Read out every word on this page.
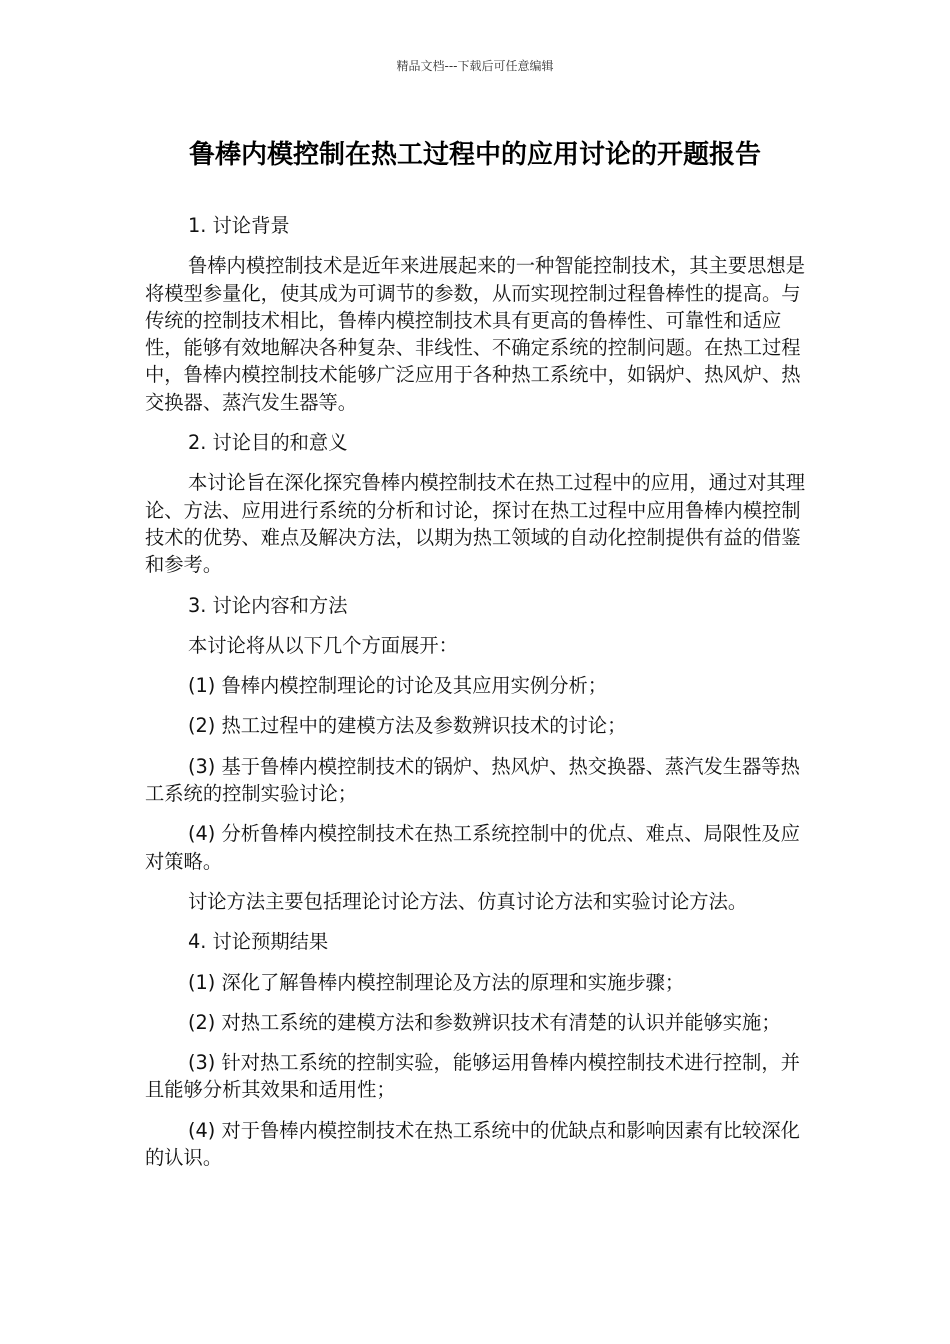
精品文档---下载后可任意编辑
鲁棒内模控制在热工过程中的应用讨论的开题报告

1. 讨论背景

鲁棒内模控制技术是近年来进展起来的一种智能控制技术，其主要思想是将模型参量化，使其成为可调节的参数，从而实现控制过程鲁棒性的提高。与传统的控制技术相比，鲁棒内模控制技术具有更高的鲁棒性、可靠性和适应性，能够有效地解决各种复杂、非线性、不确定系统的控制问题。在热工过程中，鲁棒内模控制技术能够广泛应用于各种热工系统中，如锅炉、热风炉、热交换器、蒸汽发生器等。

2. 讨论目的和意义

本讨论旨在深化探究鲁棒内模控制技术在热工过程中的应用，通过对其理论、方法、应用进行系统的分析和讨论，探讨在热工过程中应用鲁棒内模控制技术的优势、难点及解决方法，以期为热工领域的自动化控制提供有益的借鉴和参考。

3. 讨论内容和方法

本讨论将从以下几个方面展开：

(1) 鲁棒内模控制理论的讨论及其应用实例分析；

(2) 热工过程中的建模方法及参数辨识技术的讨论；

(3) 基于鲁棒内模控制技术的锅炉、热风炉、热交换器、蒸汽发生器等热工系统的控制实验讨论；

(4) 分析鲁棒内模控制技术在热工系统控制中的优点、难点、局限性及应对策略。

讨论方法主要包括理论讨论方法、仿真讨论方法和实验讨论方法。

4. 讨论预期结果

(1) 深化了解鲁棒内模控制理论及方法的原理和实施步骤；

(2) 对热工系统的建模方法和参数辨识技术有清楚的认识并能够实施；

(3) 针对热工系统的控制实验，能够运用鲁棒内模控制技术进行控制，并且能够分析其效果和适用性；

(4) 对于鲁棒内模控制技术在热工系统中的优缺点和影响因素有比较深化的认识。
